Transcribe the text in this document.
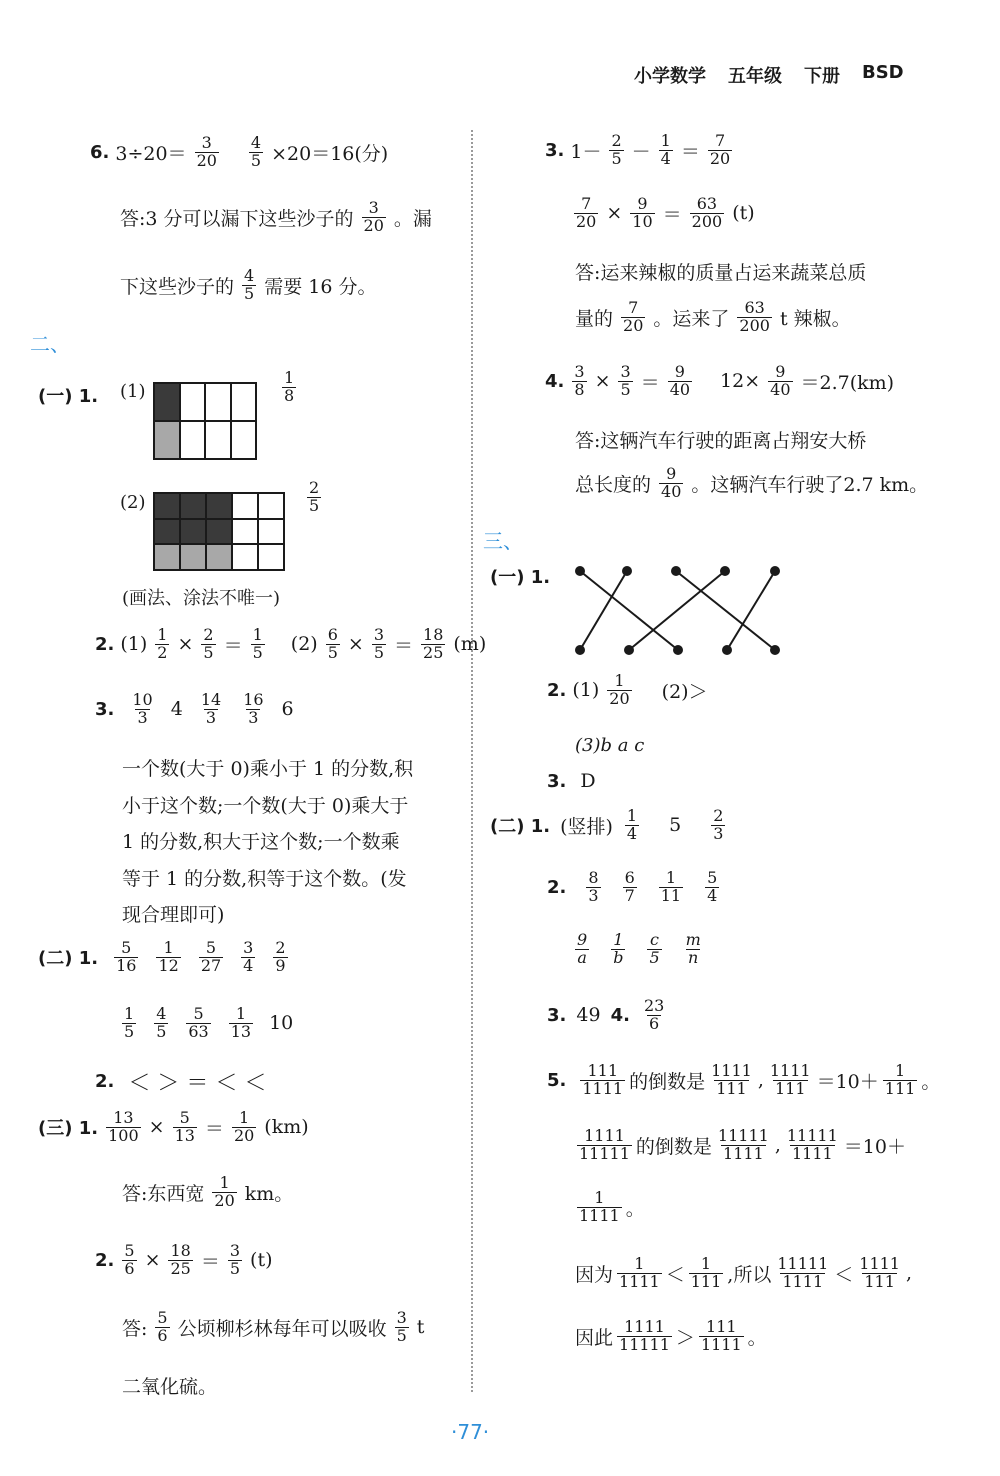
小学数学 五年级 下册 BSD
6. $3\div 20= \frac{3}{20} \frac{4}{5} \times 20=16$(分)
答:3 分可以漏下这些沙子的 $\frac{3}{20}$ 。漏
下这些沙子的 $\frac{4}{5}$ 需要 16 分。
二、
(一) 1. (1)	$\frac{1}{8}$
(2)	$\frac{2}{5}$
(画法、涂法不唯一)
2. $(1) \frac{1}{2} \times \frac{2}{5} = \frac{1}{5} (2) \frac{6}{5} \times \frac{3}{5} = \frac{18}{25} (m)$
3. $\frac{10}{3} 4 \frac{14}{3} \frac{16}{3} 6$
一个数(大于 0)乘小于 1 的分数,积
小于这个数;一个数(大于 0)乘大于
1 的分数,积大于这个数;一个数乘
等于 1 的分数,积等于这个数。(发
现合理即可)
(二) 1. $\frac{5}{16} \frac{1}{12} \frac{5}{27} \frac{3}{4} \frac{2}{9}$
$\frac{1}{5} \frac{4}{5} \frac{5}{63} \frac{1}{13} 10$
2. ＜ ＞ ＝ ＜ ＜
(三) 1. $\frac{13}{100} \times \frac{5}{13} = \frac{1}{20} (km)$
答:东西宽 $\frac{1}{20}$ km。
2. $\frac{5}{6} \times \frac{18}{25} = \frac{3}{5} (t)$
答: $\frac{5}{6}$ 公顷柳杉林每年可以吸收 $\frac{3}{5}$ t
二氧化硫。
3. $1- \frac{2}{5} - \frac{1}{4} = \frac{7}{20}$
$\frac{7}{20} \times \frac{9}{10} = \frac{63}{200} (t)$
答:运来辣椒的质量占运来蔬菜总质
量的 $\frac{7}{20}$ 。运来了 $\frac{63}{200}$ t 辣椒。
4. $\frac{3}{8} \times \frac{3}{5} = \frac{9}{40} 12\times \frac{9}{40} =2.7(km)$
答:这辆汽车行驶的距离占翔安大桥
总长度的 $\frac{9}{40}$ 。这辆汽车行驶了2.7 km。
三、
(一) 1.
2. $(1) \frac{1}{20} (2)>$
(3)b a c
3. D
(二) 1. (竖排) $\frac{1}{4} 5 \frac{2}{3}$
2. $\frac{8}{3} \frac{6}{7} \frac{1}{11} \frac{5}{4}$
$\frac{9}{a} \frac{1}{b} \frac{c}{5} \frac{m}{n}$
3. 49 4. $\frac{23}{6}$
5. $\frac{111}{1111}$ 的倒数是 $\frac{1111}{111}$ , $\frac{1111}{111} =10+ \frac{1}{111}$ 。
$\frac{1111}{11111}$ 的倒数是 $\frac{11111}{1111}$ , $\frac{11111}{1111} =10+$
$\frac{1}{1111}$ 。
因为 $\frac{1}{1111} < \frac{1}{111}$ ,所以 $\frac{11111}{1111} < \frac{1111}{111}$ ,
因此 $\frac{1111}{11111} > \frac{111}{1111}$ 。
·77·
